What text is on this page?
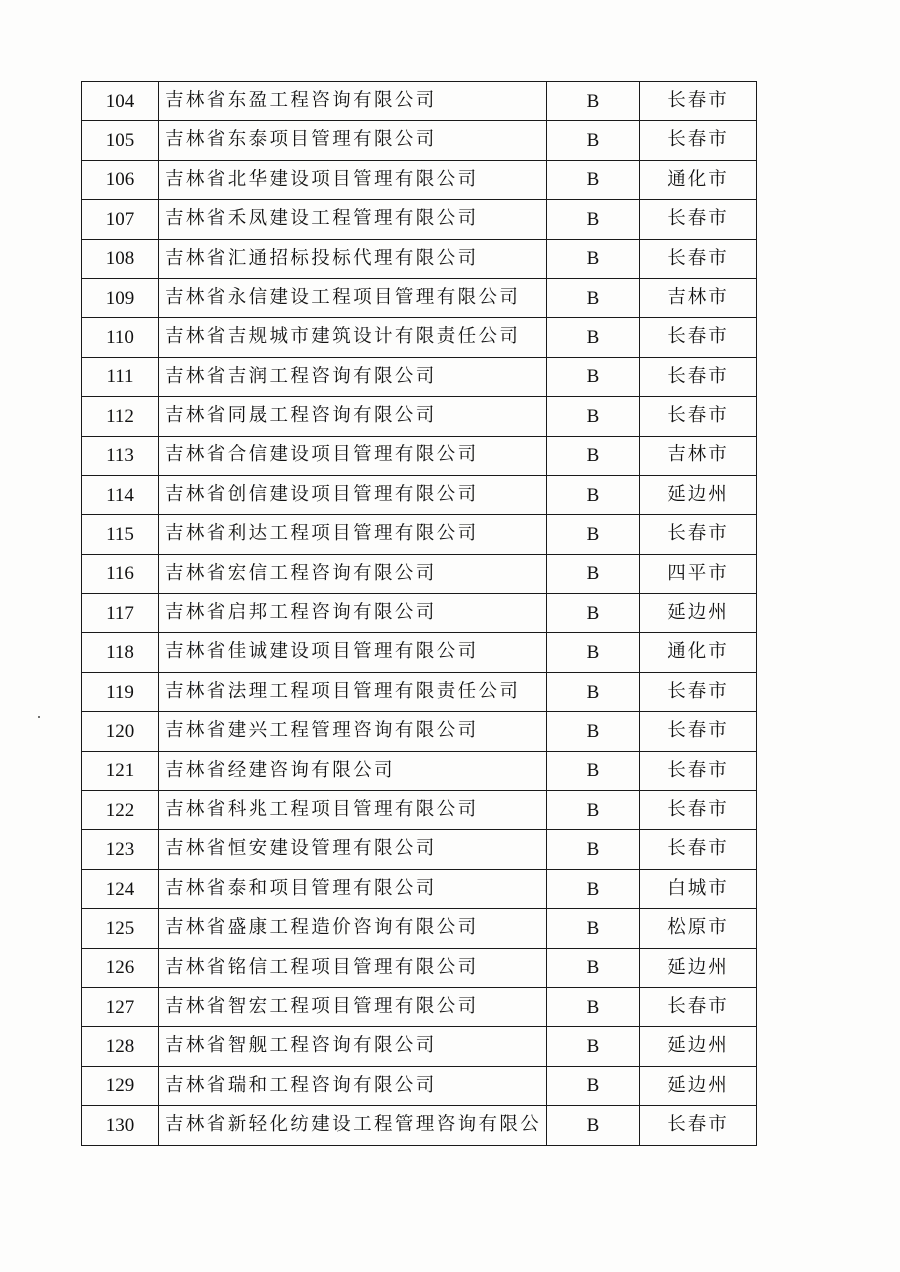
104	吉林省东盈工程咨询有限公司	B	长春市
105	吉林省东泰项目管理有限公司	B	长春市
106	吉林省北华建设项目管理有限公司	B	通化市
107	吉林省禾凤建设工程管理有限公司	B	长春市
108	吉林省汇通招标投标代理有限公司	B	长春市
109	吉林省永信建设工程项目管理有限公司	B	吉林市
110	吉林省吉规城市建筑设计有限责任公司	B	长春市
111	吉林省吉润工程咨询有限公司	B	长春市
112	吉林省同晟工程咨询有限公司	B	长春市
113	吉林省合信建设项目管理有限公司	B	吉林市
114	吉林省创信建设项目管理有限公司	B	延边州
115	吉林省利达工程项目管理有限公司	B	长春市
116	吉林省宏信工程咨询有限公司	B	四平市
117	吉林省启邦工程咨询有限公司	B	延边州
118	吉林省佳诚建设项目管理有限公司	B	通化市
119	吉林省法理工程项目管理有限责任公司	B	长春市
120	吉林省建兴工程管理咨询有限公司	B	长春市
121	吉林省经建咨询有限公司	B	长春市
122	吉林省科兆工程项目管理有限公司	B	长春市
123	吉林省恒安建设管理有限公司	B	长春市
124	吉林省泰和项目管理有限公司	B	白城市
125	吉林省盛康工程造价咨询有限公司	B	松原市
126	吉林省铭信工程项目管理有限公司	B	延边州
127	吉林省智宏工程项目管理有限公司	B	长春市
128	吉林省智舰工程咨询有限公司	B	延边州
129	吉林省瑞和工程咨询有限公司	B	延边州
130	吉林省新轻化纺建设工程管理咨询有限公	B	长春市
